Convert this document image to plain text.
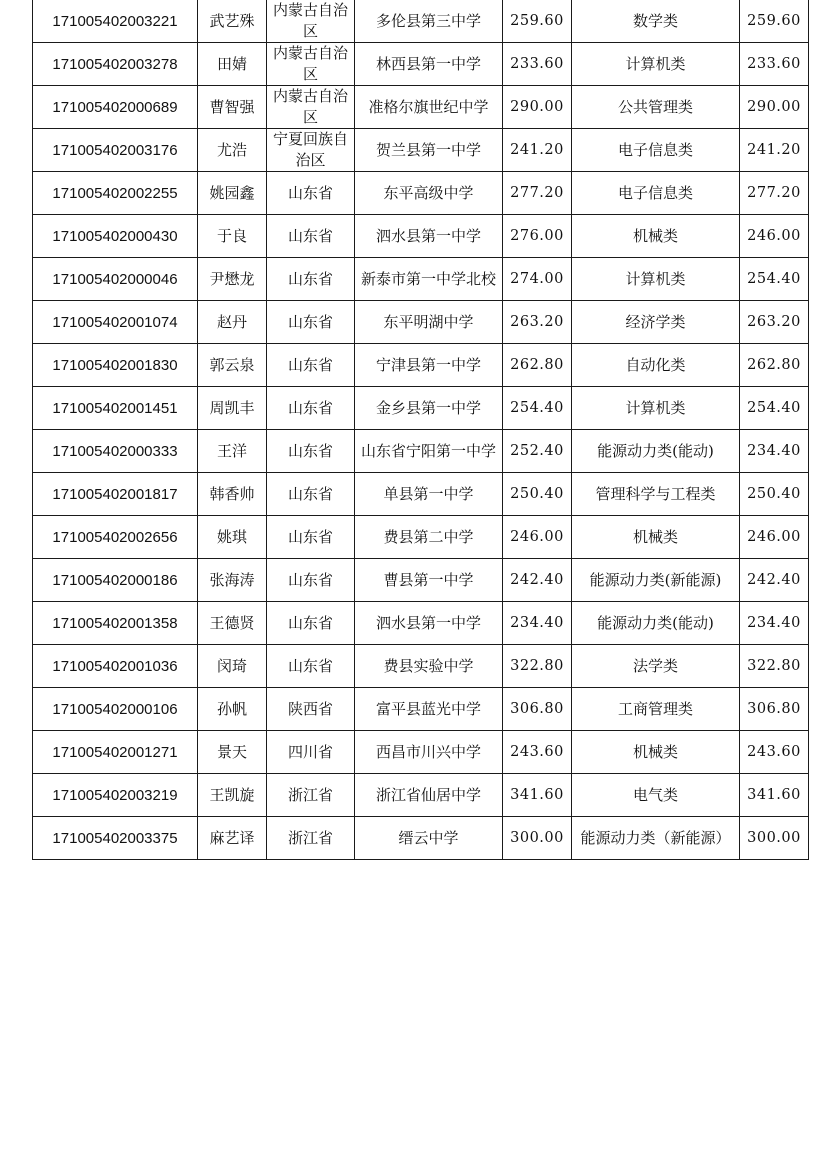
171005402003221	武艺殊	内蒙古自治区	多伦县第三中学	259.60	数学类	259.60
171005402003278	田婧	内蒙古自治区	林西县第一中学	233.60	计算机类	233.60
171005402000689	曹智强	内蒙古自治区	准格尔旗世纪中学	290.00	公共管理类	290.00
171005402003176	尤浩	宁夏回族自治区	贺兰县第一中学	241.20	电子信息类	241.20
171005402002255	姚园鑫	山东省	东平高级中学	277.20	电子信息类	277.20
171005402000430	于良	山东省	泗水县第一中学	276.00	机械类	246.00
171005402000046	尹懋龙	山东省	新泰市第一中学北校	274.00	计算机类	254.40
171005402001074	赵丹	山东省	东平明湖中学	263.20	经济学类	263.20
171005402001830	郭云泉	山东省	宁津县第一中学	262.80	自动化类	262.80
171005402001451	周凯丰	山东省	金乡县第一中学	254.40	计算机类	254.40
171005402000333	王洋	山东省	山东省宁阳第一中学	252.40	能源动力类(能动)	234.40
171005402001817	韩香帅	山东省	单县第一中学	250.40	管理科学与工程类	250.40
171005402002656	姚琪	山东省	费县第二中学	246.00	机械类	246.00
171005402000186	张海涛	山东省	曹县第一中学	242.40	能源动力类(新能源)	242.40
171005402001358	王德贤	山东省	泗水县第一中学	234.40	能源动力类(能动)	234.40
171005402001036	闵琦	山东省	费县实验中学	322.80	法学类	322.80
171005402000106	孙帆	陕西省	富平县蓝光中学	306.80	工商管理类	306.80
171005402001271	景天	四川省	西昌市川兴中学	243.60	机械类	243.60
171005402003219	王凯旋	浙江省	浙江省仙居中学	341.60	电气类	341.60
171005402003375	麻艺译	浙江省	缙云中学	300.00	能源动力类（新能源）	300.00
